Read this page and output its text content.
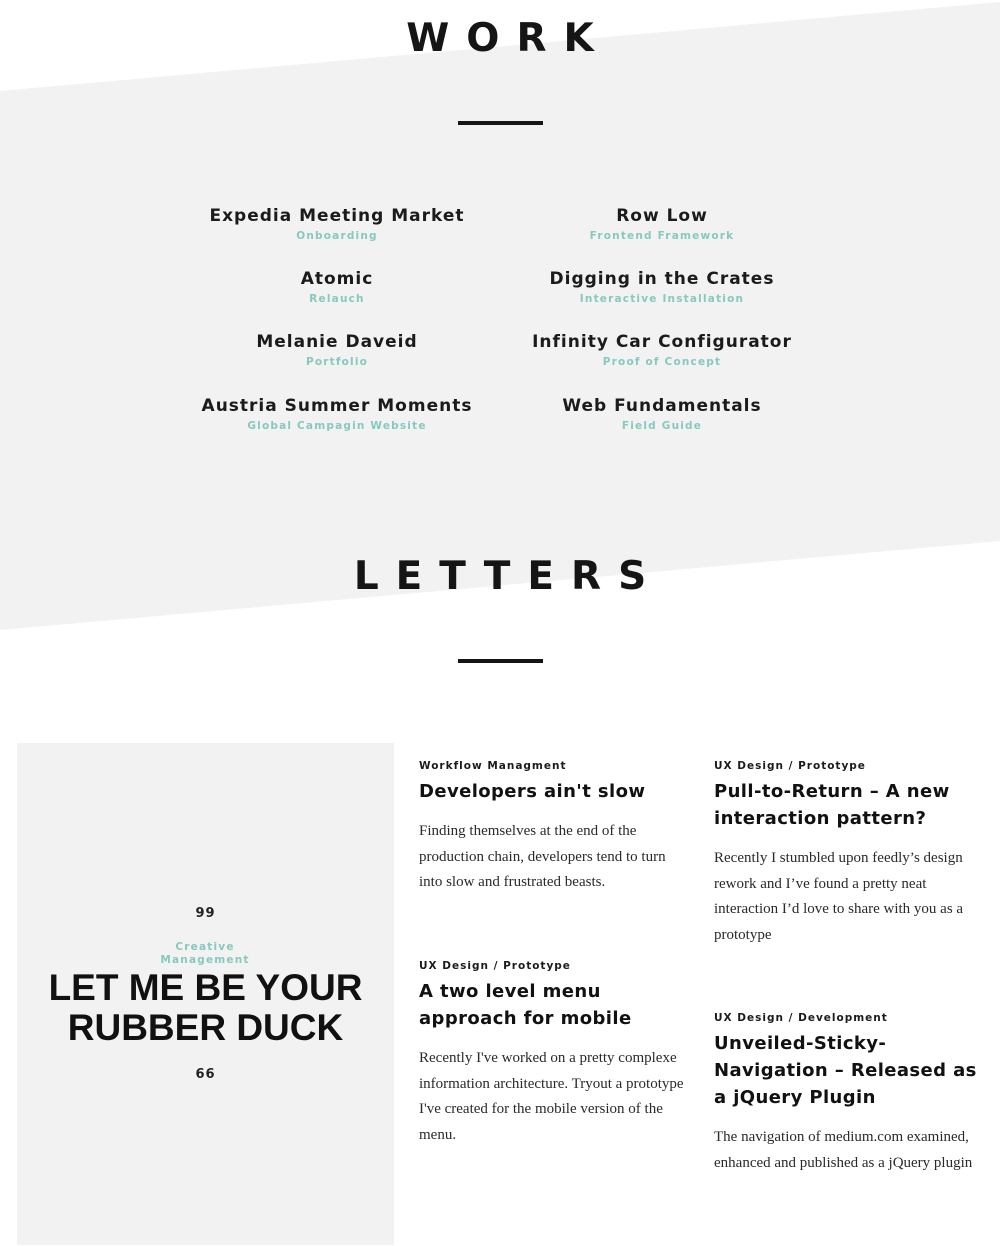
WORK
Expedia Meeting Market
Onboarding
Row Low
Frontend Framework
Atomic
Relauch
Digging in the Crates
Interactive Installation
Melanie Daveid
Portfolio
Infinity Car Configurator
Proof of Concept
Austria Summer Moments
Global Campagin Website
Web Fundamentals
Field Guide
LETTERS
99
Creative Management
LET ME BE YOUR RUBBER DUCK
66
Workflow Managment
Developers ain't slow
Finding themselves at the end of the production chain, developers tend to turn into slow and frustrated beasts.
UX Design / Prototype
A two level menu approach for mobile
Recently I've worked on a pretty complexe information architecture. Tryout a prototype I've created for the mobile version of the menu.
UX Design / Prototype
Pull-to-Return – A new interaction pattern?
Recently I stumbled upon feedly’s design rework and I’ve found a pretty neat interaction I’d love to share with you as a prototype
UX Design / Development
Unveiled-Sticky-Navigation – Released as a jQuery Plugin
The navigation of medium.com examined, enhanced and published as a jQuery plugin
